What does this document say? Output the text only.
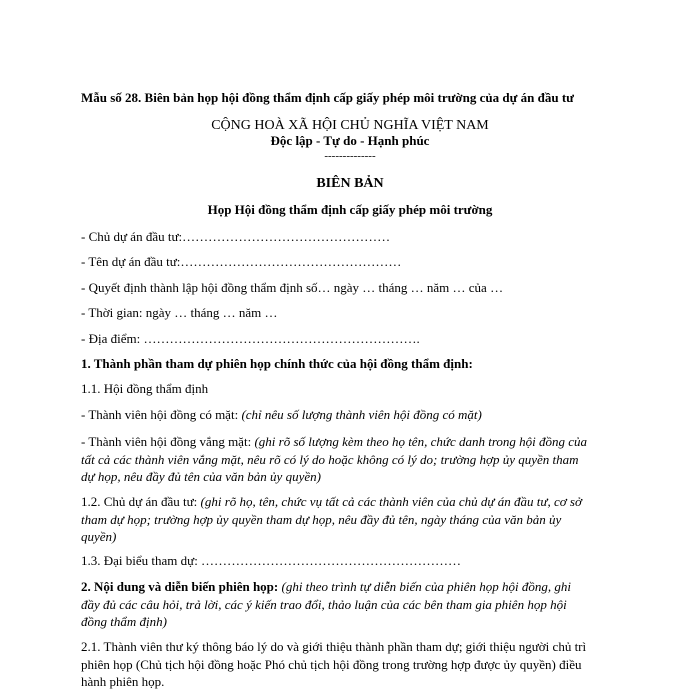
Mẫu số 28. Biên bản họp hội đồng thẩm định cấp giấy phép môi trường của dự án đầu tư
CỘNG HOÀ XÃ HỘI CHỦ NGHĨA VIỆT NAM
Độc lập - Tự do - Hạnh phúc
--------------
BIÊN BẢN
Họp Hội đồng thẩm định cấp giấy phép môi trường
- Chủ dự án đầu tư:…………………………………………
- Tên dự án đầu tư:……………………………………………
- Quyết định thành lập hội đồng thẩm định số… ngày … tháng … năm … của …
- Thời gian: ngày … tháng … năm …
- Địa điểm: ……………………………………………………….
1. Thành phần tham dự phiên họp chính thức của hội đồng thẩm định:
1.1. Hội đồng thẩm định
- Thành viên hội đồng có mặt: (chỉ nêu số lượng thành viên hội đồng có mặt)
- Thành viên hội đồng vắng mặt: (ghi rõ số lượng kèm theo họ tên, chức danh trong hội đồng của
tất cả các thành viên vắng mặt, nêu rõ có lý do hoặc không có lý do; trường hợp ủy quyền tham
dự họp, nêu đầy đủ tên của văn bản ủy quyền)
1.2. Chủ dự án đầu tư: (ghi rõ họ, tên, chức vụ tất cả các thành viên của chủ dự án đầu tư, cơ sở
tham dự họp; trường hợp ủy quyền tham dự họp, nêu đầy đủ tên, ngày tháng của văn bản ủy
quyền)
1.3. Đại biểu tham dự: ……………………………………………………
2. Nội dung và diễn biến phiên họp: (ghi theo trình tự diễn biến của phiên họp hội đồng, ghi
đầy đủ các câu hỏi, trả lời, các ý kiến trao đổi, thảo luận của các bên tham gia phiên họp hội
đồng thẩm định)
2.1. Thành viên thư ký thông báo lý do và giới thiệu thành phần tham dự; giới thiệu người chủ trì
phiên họp (Chủ tịch hội đồng hoặc Phó chủ tịch hội đồng trong trường hợp được ủy quyền) điều
hành phiên họp.
